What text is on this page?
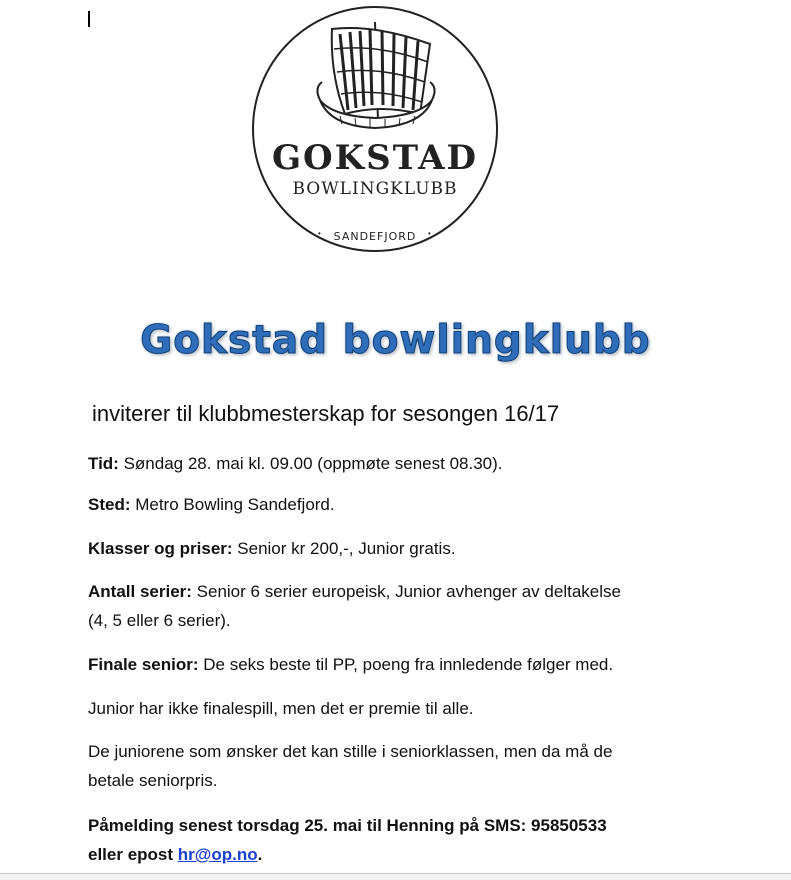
GOKSTAD
BOWLINGKLUBB
SANDEFJORD
•	•
Gokstad bowlingklubb
inviterer til klubbmesterskap for sesongen 16/17

Tid: Søndag 28. mai kl. 09.00 (oppmøte senest 08.30).

Sted: Metro Bowling Sandefjord.

Klasser og priser: Senior kr 200,-, Junior gratis.

Antall serier: Senior 6 serier europeisk, Junior avhenger av deltakelse
(4, 5 eller 6 serier).

Finale senior: De seks beste til PP, poeng fra innledende følger med.

Junior har ikke finalespill, men det er premie til alle.

De juniorene som ønsker det kan stille i seniorklassen, men da må de
betale seniorpris.

Påmelding senest torsdag 25. mai til Henning på SMS: 95850533
eller epost hr@op.no.
